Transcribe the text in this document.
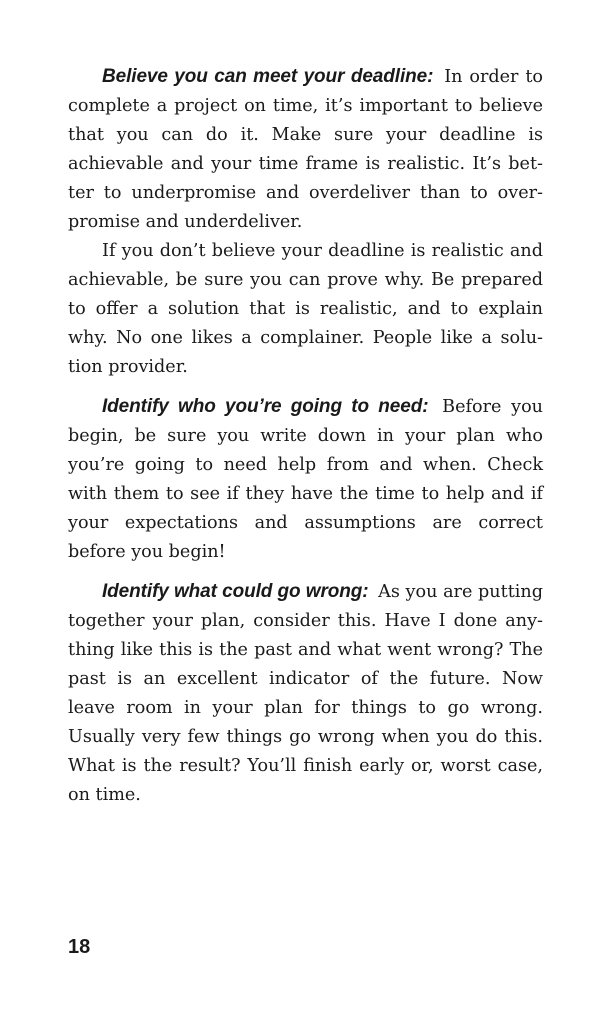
Believe you can meet your deadline: In order to complete a project on time, it’s important to believe that you can do it. Make sure your deadline is achievable and your time frame is realistic. It’s better to underpromise and overdeliver than to overpromise and underdeliver.

If you don’t believe your deadline is realistic and achievable, be sure you can prove why. Be prepared to offer a solution that is realistic, and to explain why. No one likes a complainer. People like a solution provider.

Identify who you’re going to need: Before you begin, be sure you write down in your plan who you’re going to need help from and when. Check with them to see if they have the time to help and if your expectations and assumptions are correct before you begin!

Identify what could go wrong: As you are putting together your plan, consider this. Have I done anything like this is the past and what went wrong? The past is an excellent indicator of the future. Now leave room in your plan for things to go wrong. Usually very few things go wrong when you do this. What is the result? You’ll finish early or, worst case, on time.

18
